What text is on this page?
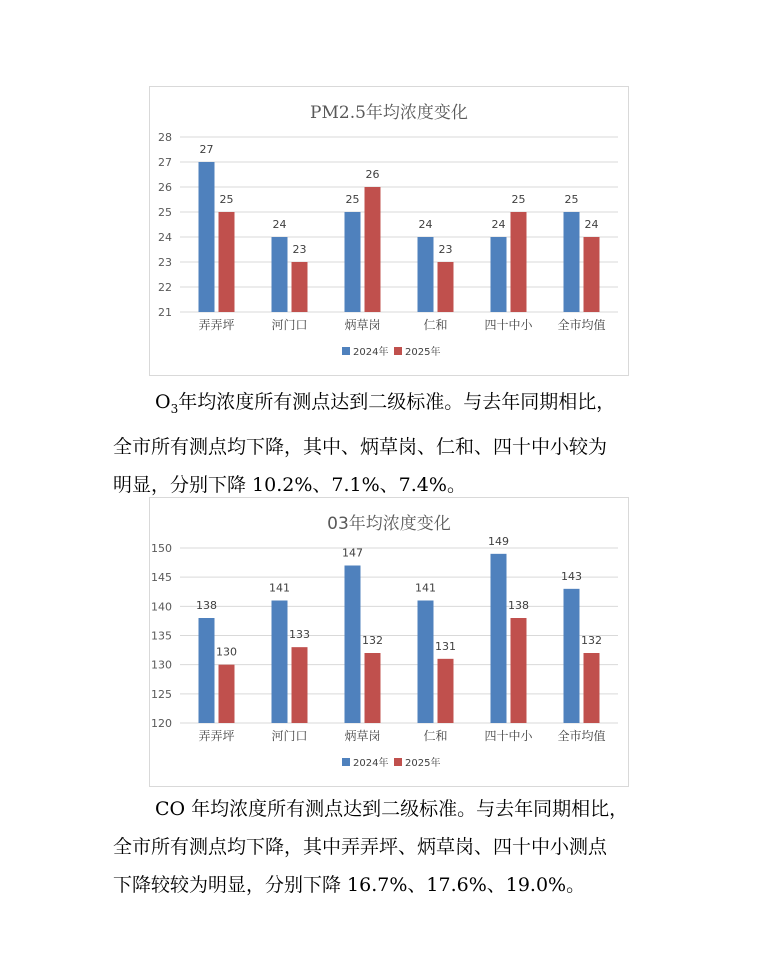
PM2.5年均浓度变化
21
22
23
24
25
26
27
28
弄弄坪
27
25
河门口
24
23
炳草岗
25
26
仁和
24
23
四十中小
24
25
全市均值
25
24
2024年 2025年

$O_3$年均浓度所有测点达到二级标准。与去年同期相比，

全市所有测点均下降，其中、炳草岗、仁和、四十中小较为

明显，分别下降 10.2%、7.1%、7.4%。

03年均浓度变化
120
125
130
135
140
145
150
弄弄坪
138
130
河门口
141
133
炳草岗
147
132
仁和
141
131
四十中小
149
138
全市均值
143
132
2024年 2025年

CO 年均浓度所有测点达到二级标准。与去年同期相比，

全市所有测点均下降，其中弄弄坪、炳草岗、四十中小测点

下降较较为明显，分别下降 16.7%、17.6%、19.0%。
